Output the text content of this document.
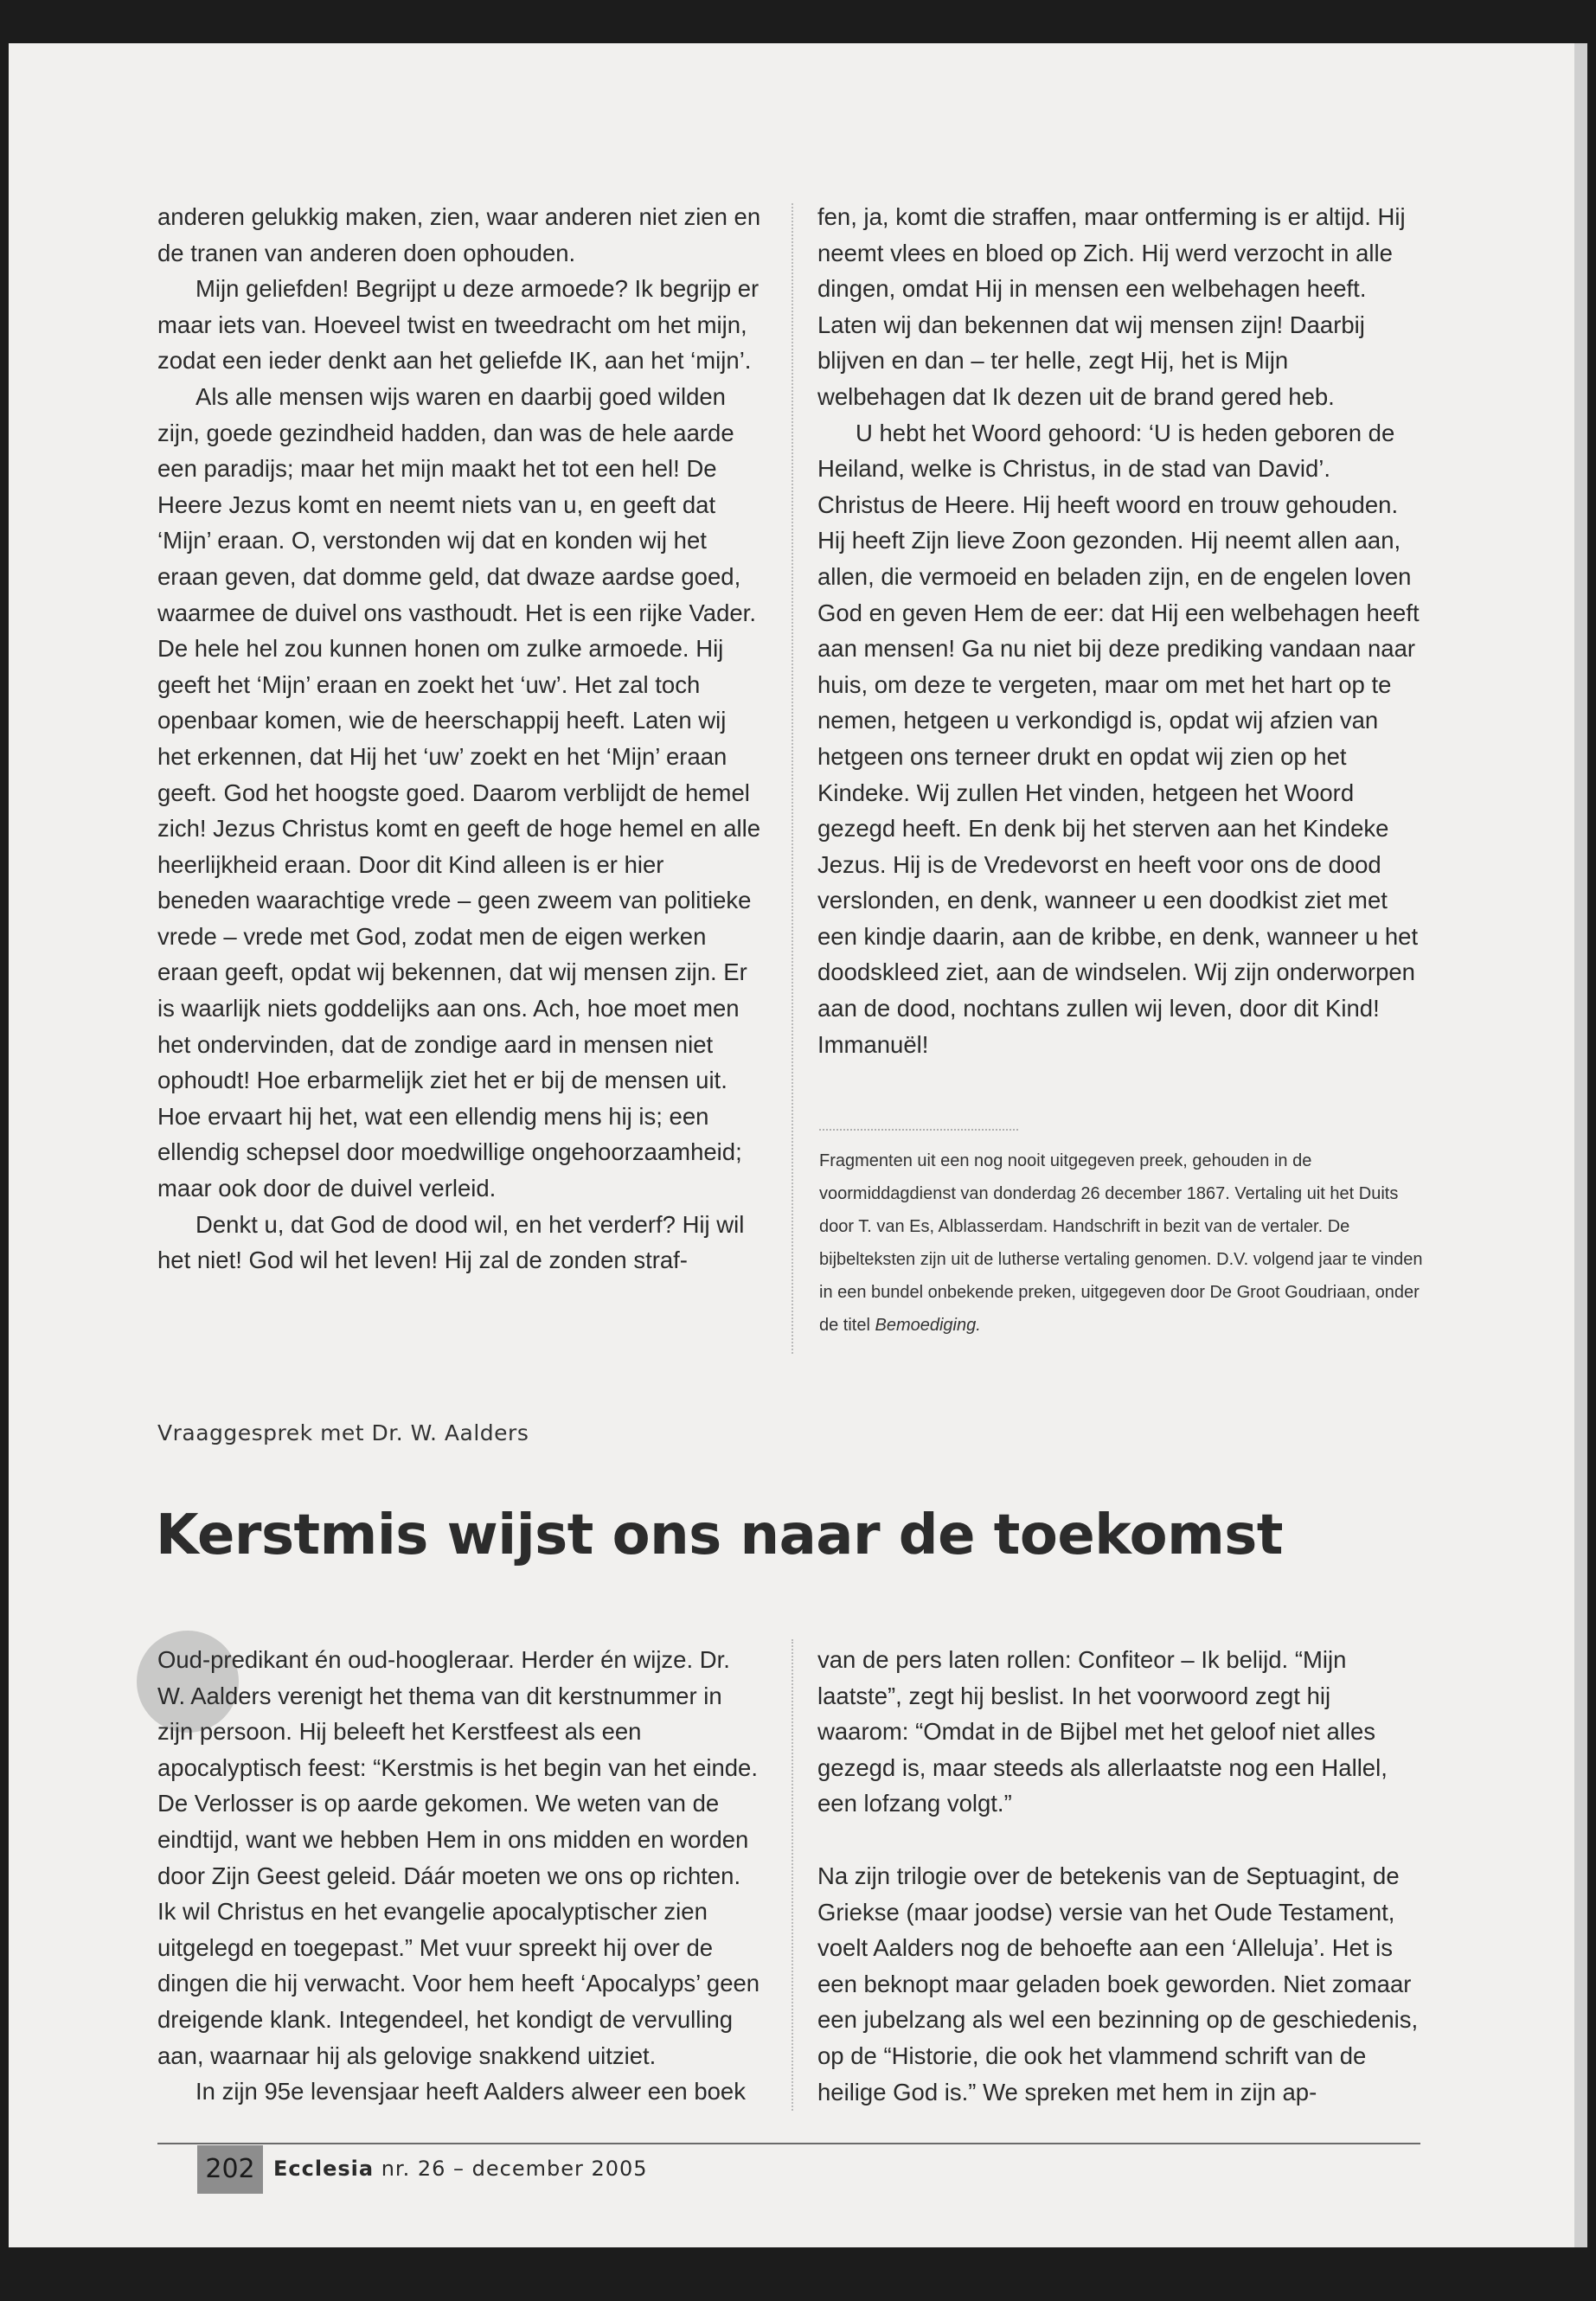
anderen gelukkig maken, zien, waar anderen niet zien en de tranen van anderen doen ophouden.

Mijn geliefden! Begrijpt u deze armoede? Ik begrijp er maar iets van. Hoeveel twist en tweedracht om het mijn, zodat een ieder denkt aan het geliefde IK, aan het ‘mijn’.

Als alle mensen wijs waren en daarbij goed wilden zijn, goede gezindheid hadden, dan was de hele aarde een paradijs; maar het mijn maakt het tot een hel! De Heere Jezus komt en neemt niets van u, en geeft dat ‘Mijn’ eraan. O, verstonden wij dat en konden wij het eraan geven, dat domme geld, dat dwaze aardse goed, waarmee de duivel ons vasthoudt. Het is een rijke Vader. De hele hel zou kunnen honen om zulke armoede. Hij geeft het ‘Mijn’ eraan en zoekt het ‘uw’. Het zal toch openbaar komen, wie de heerschappij heeft. Laten wij het erkennen, dat Hij het ‘uw’ zoekt en het ‘Mijn’ eraan geeft. God het hoogste goed. Daarom verblijdt de hemel zich! Jezus Christus komt en geeft de hoge hemel en alle heerlijkheid eraan. Door dit Kind alleen is er hier beneden waarachtige vrede – geen zweem van politieke vrede – vrede met God, zodat men de eigen werken eraan geeft, opdat wij bekennen, dat wij mensen zijn. Er is waarlijk niets goddelijks aan ons. Ach, hoe moet men het ondervinden, dat de zondige aard in mensen niet ophoudt! Hoe erbarmelijk ziet het er bij de mensen uit. Hoe ervaart hij het, wat een ellendig mens hij is; een ellendig schepsel door moedwillige ongehoorzaamheid; maar ook door de duivel verleid.

Denkt u, dat God de dood wil, en het verderf? Hij wil het niet! God wil het leven! Hij zal de zonden straf-

fen, ja, komt die straffen, maar ontferming is er altijd. Hij neemt vlees en bloed op Zich. Hij werd verzocht in alle dingen, omdat Hij in mensen een welbehagen heeft. Laten wij dan bekennen dat wij mensen zijn! Daarbij blijven en dan – ter helle, zegt Hij, het is Mijn welbehagen dat Ik dezen uit de brand gered heb.

U hebt het Woord gehoord: ‘U is heden geboren de Heiland, welke is Christus, in de stad van David’. Christus de Heere. Hij heeft woord en trouw gehouden. Hij heeft Zijn lieve Zoon gezonden. Hij neemt allen aan, allen, die vermoeid en beladen zijn, en de engelen loven God en geven Hem de eer: dat Hij een welbehagen heeft aan mensen! Ga nu niet bij deze prediking vandaan naar huis, om deze te vergeten, maar om met het hart op te nemen, hetgeen u verkondigd is, opdat wij afzien van hetgeen ons terneer drukt en opdat wij zien op het Kindeke. Wij zullen Het vinden, hetgeen het Woord gezegd heeft. En denk bij het sterven aan het Kindeke Jezus. Hij is de Vredevorst en heeft voor ons de dood verslonden, en denk, wanneer u een doodkist ziet met een kindje daarin, aan de kribbe, en denk, wanneer u het doodskleed ziet, aan de windselen. Wij zijn onderworpen aan de dood, nochtans zullen wij leven, door dit Kind! Immanuël!

Fragmenten uit een nog nooit uitgegeven preek, gehouden in de voormiddagdienst van donderdag 26 december 1867. Vertaling uit het Duits door T. van Es, Alblasserdam. Handschrift in bezit van de vertaler. De bijbelteksten zijn uit de lutherse vertaling genomen. D.V. volgend jaar te vinden in een bundel onbekende preken, uitgegeven door De Groot Goudriaan, onder de titel Bemoediging.
Vraaggesprek met Dr. W. Aalders
Kerstmis wijst ons naar de toekomst

Oud-predikant én oud-hoogleraar. Herder én wijze. Dr. W. Aalders verenigt het thema van dit kerstnummer in zijn persoon. Hij beleeft het Kerstfeest als een apocalyptisch feest: “Kerstmis is het begin van het einde. De Verlosser is op aarde gekomen. We weten van de eindtijd, want we hebben Hem in ons midden en worden door Zijn Geest geleid. Dáár moeten we ons op richten. Ik wil Christus en het evangelie apocalyptischer zien uitgelegd en toegepast.” Met vuur spreekt hij over de dingen die hij verwacht. Voor hem heeft ‘Apocalyps’ geen dreigende klank. Integendeel, het kondigt de vervulling aan, waarnaar hij als gelovige snakkend uitziet.

In zijn 95e levensjaar heeft Aalders alweer een boek

van de pers laten rollen: Confiteor – Ik belijd. “Mijn laatste”, zegt hij beslist. In het voorwoord zegt hij waarom: “Omdat in de Bijbel met het geloof niet alles gezegd is, maar steeds als allerlaatste nog een Hallel, een lofzang volgt.”

Na zijn trilogie over de betekenis van de Septuagint, de Griekse (maar joodse) versie van het Oude Testament, voelt Aalders nog de behoefte aan een ‘Alleluja’. Het is een beknopt maar geladen boek geworden. Niet zomaar een jubelzang als wel een bezinning op de geschiedenis, op de “Historie, die ook het vlammend schrift van de heilige God is.” We spreken met hem in zijn ap-

202 Ecclesia nr. 26 – december 2005
